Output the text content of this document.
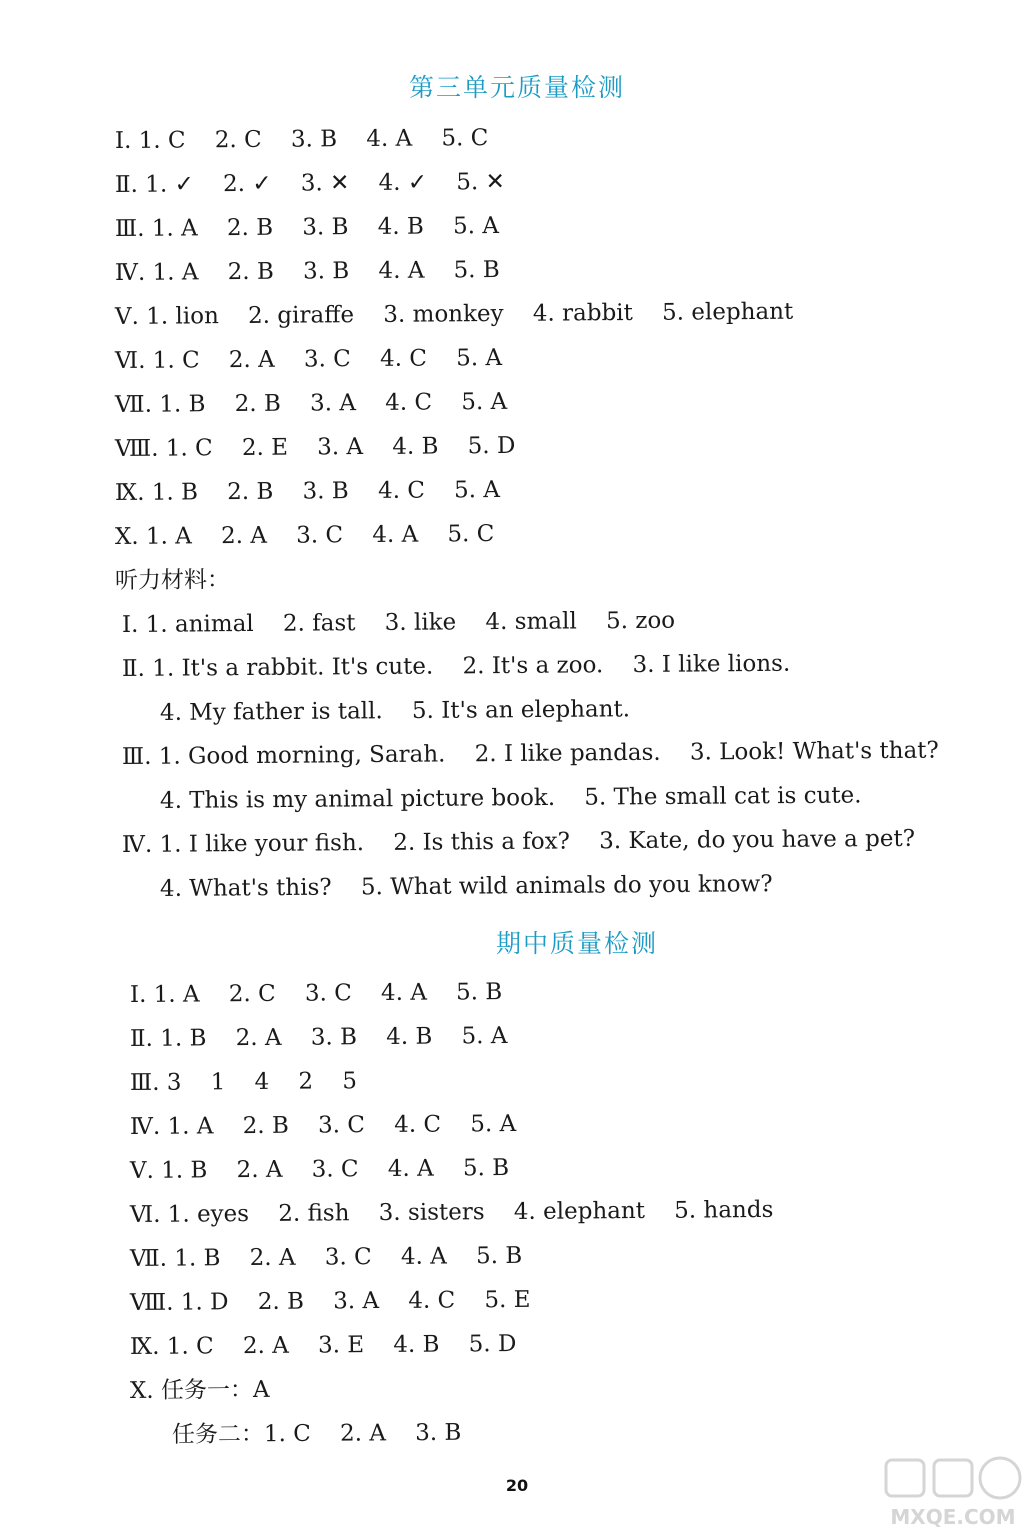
第三单元质量检测
Ⅰ. 1. C    2. C    3. B    4. A    5. C
Ⅱ. 1. ✓    2. ✓    3. ✕    4. ✓    5. ✕
Ⅲ. 1. A    2. B    3. B    4. B    5. A
Ⅳ. 1. A    2. B    3. B    4. A    5. B
Ⅴ. 1. lion    2. giraffe    3. monkey    4. rabbit    5. elephant
Ⅵ. 1. C    2. A    3. C    4. C    5. A
Ⅶ. 1. B    2. B    3. A    4. C    5. A
Ⅷ. 1. C    2. E    3. A    4. B    5. D
Ⅸ. 1. B    2. B    3. B    4. C    5. A
Ⅹ. 1. A    2. A    3. C    4. A    5. C
听力材料：
Ⅰ. 1. animal    2. fast    3. like    4. small    5. zoo
Ⅱ. 1. It's a rabbit. It's cute.    2. It's a zoo.    3. I like lions.
4. My father is tall.    5. It's an elephant.
Ⅲ. 1. Good morning, Sarah.    2. I like pandas.    3. Look! What's that?
4. This is my animal picture book.    5. The small cat is cute.
Ⅳ. 1. I like your fish.    2. Is this a fox?    3. Kate, do you have a pet?
4. What's this?    5. What wild animals do you know?
期中质量检测
Ⅰ. 1. A    2. C    3. C    4. A    5. B
Ⅱ. 1. B    2. A    3. B    4. B    5. A
Ⅲ. 3    1    4    2    5
Ⅳ. 1. A    2. B    3. C    4. C    5. A
Ⅴ. 1. B    2. A    3. C    4. A    5. B
Ⅵ. 1. eyes    2. fish    3. sisters    4. elephant    5. hands
Ⅶ. 1. B    2. A    3. C    4. A    5. B
Ⅷ. 1. D    2. B    3. A    4. C    5. E
Ⅸ. 1. C    2. A    3. E    4. B    5. D
Ⅹ. 任务一：A
任务二：1. C    2. A    3. B
20
MXQE.COM
